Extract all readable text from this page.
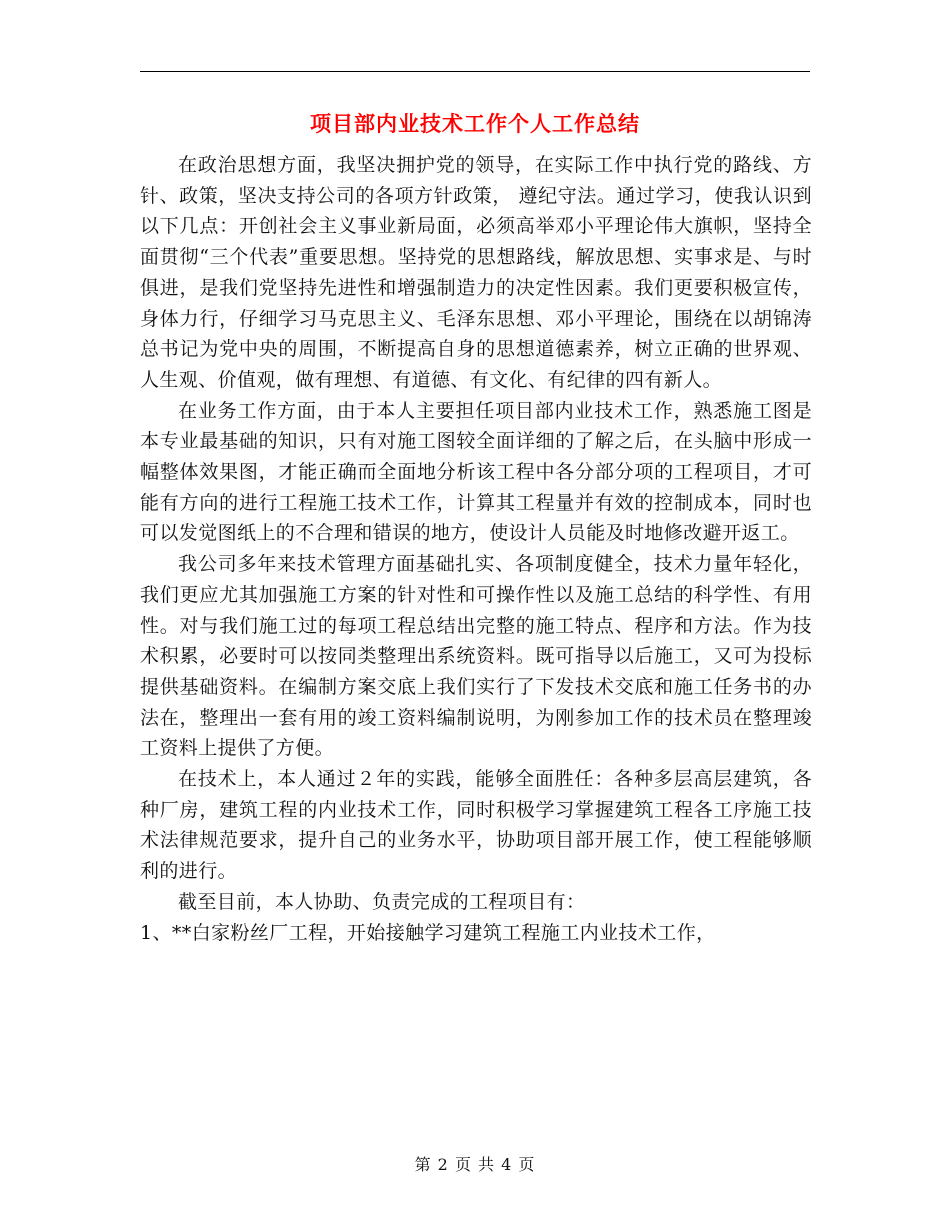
项目部内业技术工作个人工作总结

在政治思想方面，我坚决拥护党的领导，在实际工作中执行党的路线、方针、政策，坚决支持公司的各项方针政策， 遵纪守法。通过学习，使我认识到以下几点：开创社会主义事业新局面，必须高举邓小平理论伟大旗帜，坚持全面贯彻“三个代表”重要思想。坚持党的思想路线，解放思想、实事求是、与时俱进，是我们党坚持先进性和增强制造力的决定性因素。我们更要积极宣传，身体力行，仔细学习马克思主义、毛泽东思想、邓小平理论，围绕在以胡锦涛总书记为党中央的周围，不断提高自身的思想道德素养，树立正确的世界观、人生观、价值观，做有理想、有道德、有文化、有纪律的四有新人。

在业务工作方面，由于本人主要担任项目部内业技术工作，熟悉施工图是本专业最基础的知识，只有对施工图较全面详细的了解之后，在头脑中形成一幅整体效果图，才能正确而全面地分析该工程中各分部分项的工程项目，才可能有方向的进行工程施工技术工作，计算其工程量并有效的控制成本，同时也可以发觉图纸上的不合理和错误的地方，使设计人员能及时地修改避开返工。

我公司多年来技术管理方面基础扎实、各项制度健全，技术力量年轻化，我们更应尤其加强施工方案的针对性和可操作性以及施工总结的科学性、有用性。对与我们施工过的每项工程总结出完整的施工特点、程序和方法。作为技术积累，必要时可以按同类整理出系统资料。既可指导以后施工，又可为投标提供基础资料。在编制方案交底上我们实行了下发技术交底和施工任务书的办法在，整理出一套有用的竣工资料编制说明，为刚参加工作的技术员在整理竣工资料上提供了方便。

在技术上，本人通过２年的实践，能够全面胜任：各种多层高层建筑，各种厂房，建筑工程的内业技术工作，同时积极学习掌握建筑工程各工序施工技术法律规范要求，提升自己的业务水平，协助项目部开展工作，使工程能够顺利的进行。

截至目前，本人协助、负责完成的工程项目有：

1、**白家粉丝厂工程，开始接触学习建筑工程施工内业技术工作，

第 2 页 共 4 页
